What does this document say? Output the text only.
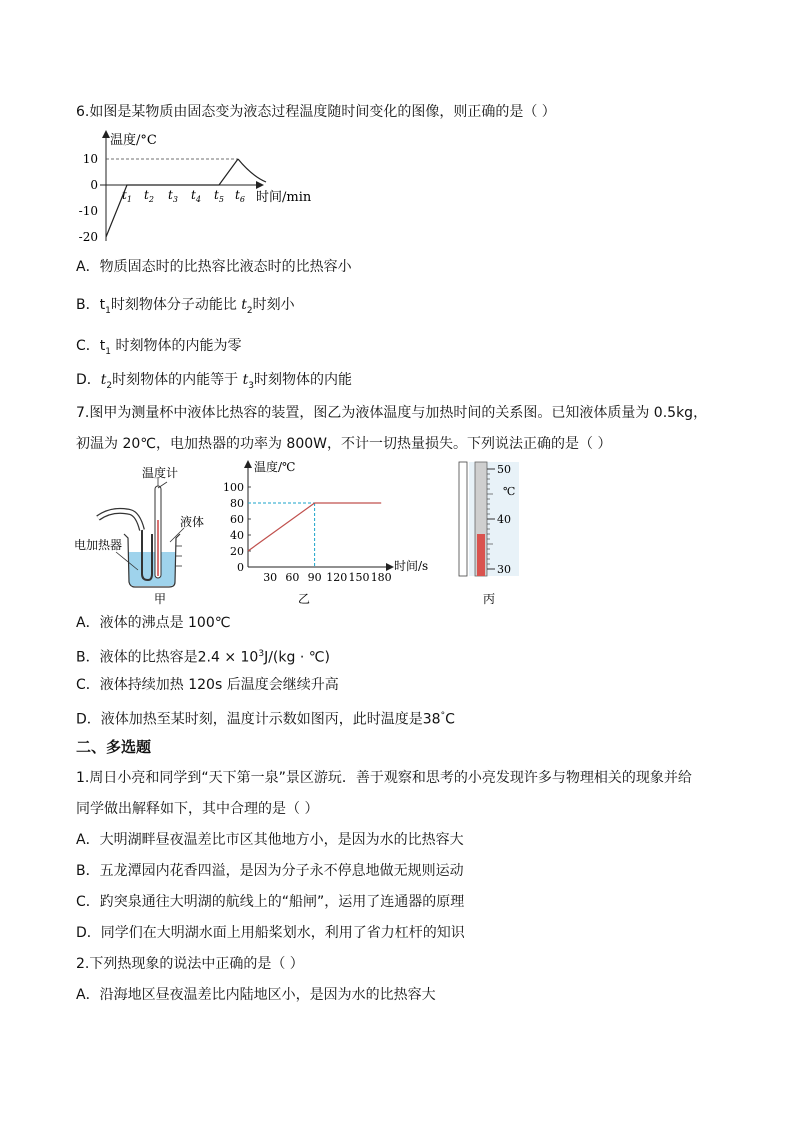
6.如图是某物质由固态变为液态过程温度随时间变化的图像，则正确的是（ ）
温度/°C
时间/min
10
0
-10
-20
$t_1$ $t_2$ $t_3$ $t_4$ $t_5$ $t_6$
A．物质固态时的比热容比液态时的比热容小
B．$t_1$时刻物体分子动能比 $t_2$时刻小
C．$t_1$ 时刻物体的内能为零
D．$t_2$时刻物体的内能等于 $t_3$时刻物体的内能
7.图甲为测量杯中液体比热容的装置，图乙为液体温度与加热时间的关系图。已知液体质量为 0.5kg，
初温为 20℃，电加热器的功率为 800W，不计一切热量损失。下列说法正确的是（ ）
温度计
液体
电加热器
甲
温度/℃
时间/s
100
80
60
40
20
0
30 60 90 120 150 180
乙
50
℃
40
30
丙
A．液体的沸点是 100℃
B．液体的比热容是$2.4 \times 10^3J/(kg$ · ℃)
C．液体持续加热 120s 后温度会继续升高
D．液体加热至某时刻，温度计示数如图丙，此时温度是38°C
二、多选题
1.周日小亮和同学到“天下第一泉”景区游玩．善于观察和思考的小亮发现许多与物理相关的现象并给
同学做出解释如下，其中合理的是（ ）
A．大明湖畔昼夜温差比市区其他地方小，是因为水的比热容大
B．五龙潭园内花香四溢，是因为分子永不停息地做无规则运动
C．趵突泉通往大明湖的航线上的“船闸”，运用了连通器的原理
D．同学们在大明湖水面上用船桨划水，利用了省力杠杆的知识
2.下列热现象的说法中正确的是（ ）
A．沿海地区昼夜温差比内陆地区小，是因为水的比热容大
